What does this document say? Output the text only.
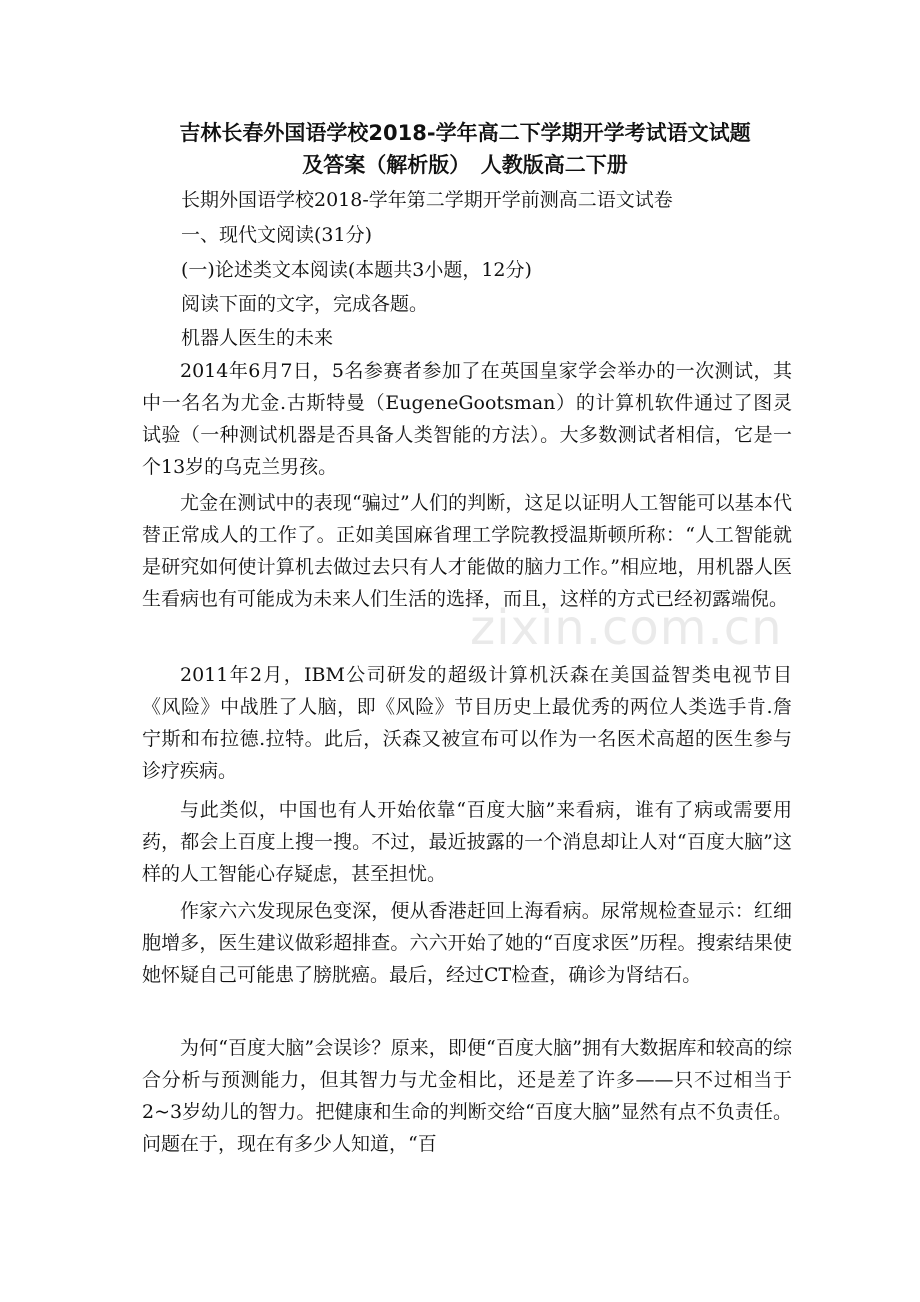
吉林长春外国语学校2018-学年高二下学期开学考试语文试题
及答案（解析版）　人教版高二下册
长期外国语学校2018-学年第二学期开学前测高二语文试卷
一、现代文阅读(31分)
(一)论述类文本阅读(本题共3小题，12分)
阅读下面的文字，完成各题。
机器人医生的未来
2014年6月7日，5名参赛者参加了在英国皇家学会举办的一次测试，其中一名名为尤金.古斯特曼（EugeneGootsman）的计算机软件通过了图灵试验（一种测试机器是否具备人类智能的方法）。大多数测试者相信，它是一个13岁的乌克兰男孩。
尤金在测试中的表现“骗过”人们的判断，这足以证明人工智能可以基本代替正常成人的工作了。正如美国麻省理工学院教授温斯顿所称：“人工智能就是研究如何使计算机去做过去只有人才能做的脑力工作。”相应地，用机器人医生看病也有可能成为未来人们生活的选择，而且，这样的方式已经初露端倪。
2011年2月，IBM公司研发的超级计算机沃森在美国益智类电视节目《风险》中战胜了人脑，即《风险》节目历史上最优秀的两位人类选手肯.詹宁斯和布拉德.拉特。此后，沃森又被宣布可以作为一名医术高超的医生参与诊疗疾病。
与此类似，中国也有人开始依靠“百度大脑”来看病，谁有了病或需要用药，都会上百度上搜一搜。不过，最近披露的一个消息却让人对“百度大脑”这样的人工智能心存疑虑，甚至担忧。
作家六六发现尿色变深，便从香港赶回上海看病。尿常规检查显示：红细胞增多，医生建议做彩超排查。六六开始了她的“百度求医”历程。搜索结果使她怀疑自己可能患了膀胱癌。最后，经过CT检查，确诊为肾结石。
为何“百度大脑”会误诊？原来，即便“百度大脑”拥有大数据库和较高的综合分析与预测能力，但其智力与尤金相比，还是差了许多——只不过相当于2~3岁幼儿的智力。把健康和生命的判断交给“百度大脑”显然有点不负责任。问题在于，现在有多少人知道，“百
zixin.com.cn
